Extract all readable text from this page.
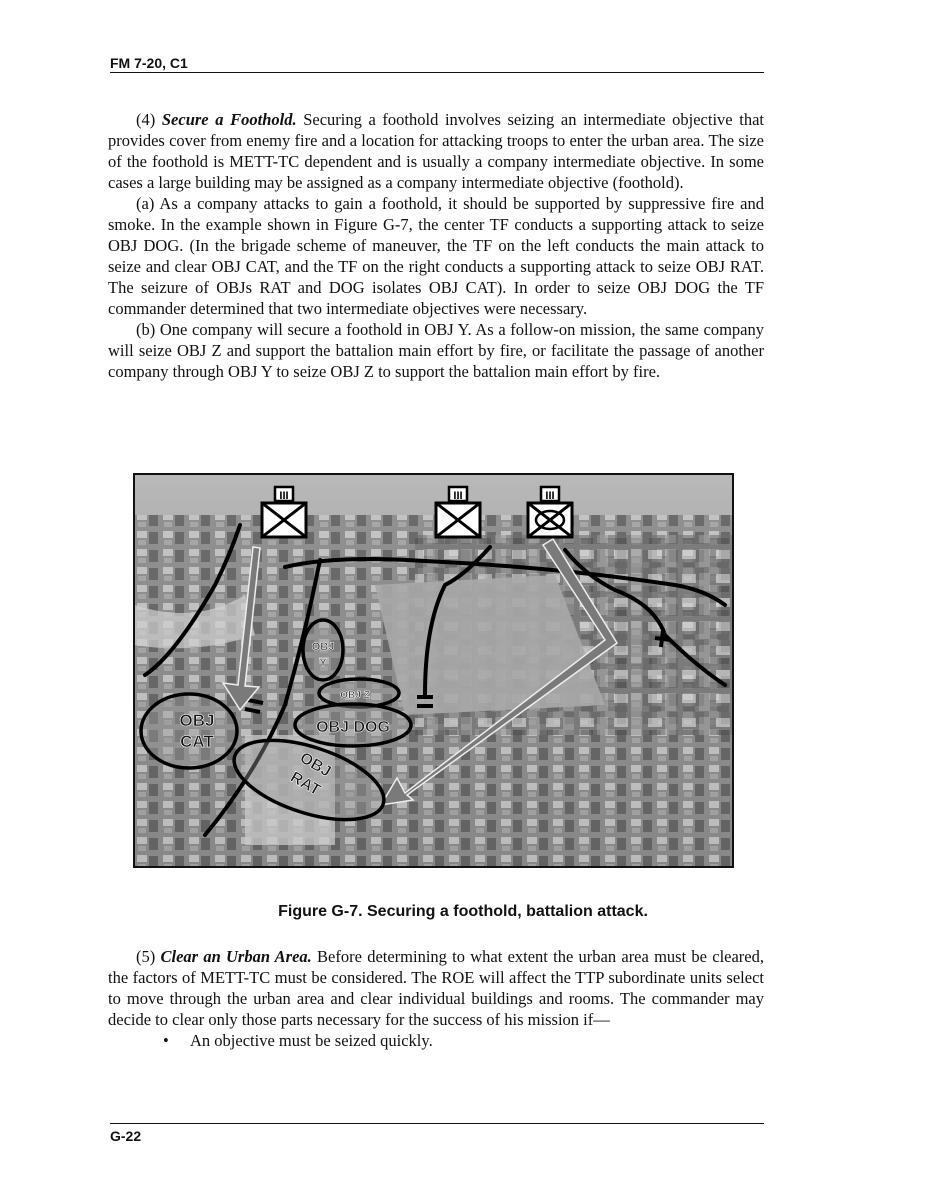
FM 7-20, C1

(4) Secure a Foothold. Securing a foothold involves seizing an intermediate objective that provides cover from enemy fire and a location for attacking troops to enter the urban area. The size of the foothold is METT-TC dependent and is usually a company intermediate objective. In some cases a large building may be assigned as a company intermediate objective (foothold).

(a) As a company attacks to gain a foothold, it should be supported by suppressive fire and smoke. In the example shown in Figure G-7, the center TF conducts a supporting attack to seize OBJ DOG. (In the brigade scheme of maneuver, the TF on the left conducts the main attack to seize and clear OBJ CAT, and the TF on the right conducts a supporting attack to seize OBJ RAT. The seizure of OBJs RAT and DOG isolates OBJ CAT). In order to seize OBJ DOG the TF commander determined that two intermediate objectives were necessary.

(b) One company will secure a foothold in OBJ Y. As a follow-on mission, the same company will seize OBJ Z and support the battalion main effort by fire, or facilitate the passage of another company through OBJ Y to seize OBJ Z to support the battalion main effort by fire.

III	III	III
OBJ
Y
OBJ Z
OBJ DOG
OBJ
CAT
OBJ
RAT
Figure G-7. Securing a foothold, battalion attack.

(5) Clear an Urban Area. Before determining to what extent the urban area must be cleared, the factors of METT-TC must be considered. The ROE will affect the TTP subordinate units select to move through the urban area and clear individual buildings and rooms. The commander may decide to clear only those parts necessary for the success of his mission if—

• An objective must be seized quickly.
G-22
